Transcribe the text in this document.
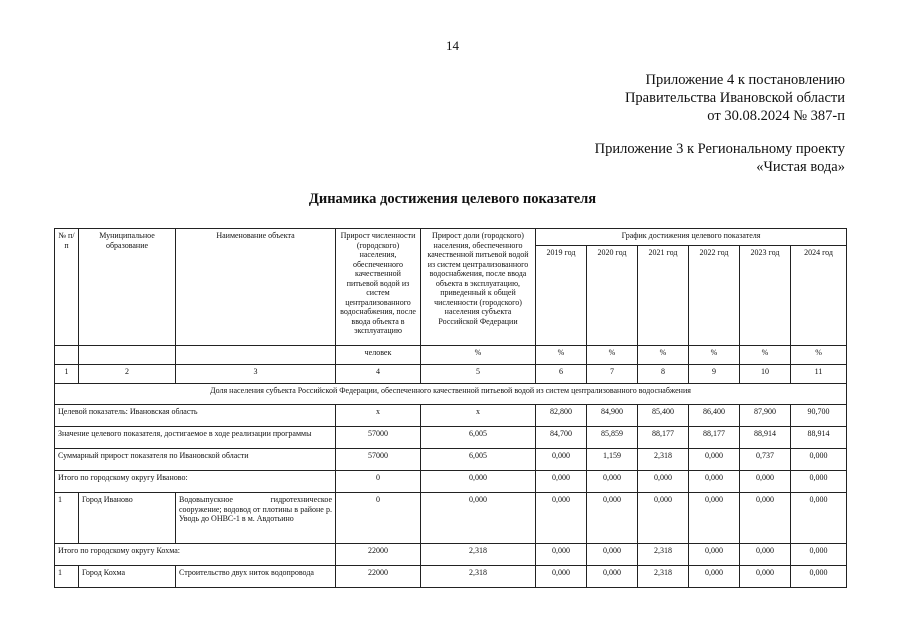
14
Приложение 4 к постановлению
Правительства Ивановской области
от 30.08.2024 № 387-п
Приложение 3 к Региональному проекту
«Чистая вода»
Динамика достижения целевого показателя
№ п/п	Муниципальное образование	Наименование объекта	Прирост численности (городского) населения, обеспеченного качественной питьевой водой из систем централизованного водоснабжения, после ввода объекта в эксплуатацию	Прирост доли (городского) населения, обеспеченного качественной питьевой водой из систем централизованного водоснабжения, после ввода объекта в эксплуатацию, приведенный к общей численности (городского) населения субъекта Российской Федерации	График достижения целевого показателя					
					2019 год	2020 год	2021 год	2022 год	2023 год	2024 год
			человек	%	%	%	%	%	%	%
1	2	3	4	5	6	7	8	9	10	11
Доля населения субъекта Российской Федерации, обеспеченного качественной питьевой водой из систем централизованного водоснабжения										
Целевой показатель: Ивановская область			х	х	82,800	84,900	85,400	86,400	87,900	90,700
Значение целевого показателя, достигаемое в ходе реализации программы			57000	6,005	84,700	85,859	88,177	88,177	88,914	88,914
Суммарный прирост показателя по Ивановской области			57000	6,005	0,000	1,159	2,318	0,000	0,737	0,000
Итого по городскому округу Иваново:			0	0,000	0,000	0,000	0,000	0,000	0,000	0,000
1	Город Иваново	Водовыпускное гидротехническое сооружение; водовод от плотины в районе р. Уводь до ОНВС-1 в м. Авдотьино	0	0,000	0,000	0,000	0,000	0,000	0,000	0,000
Итого по городскому округу Кохма:			22000	2,318	0,000	0,000	2,318	0,000	0,000	0,000
1	Город Кохма	Строительство двух ниток водопровода	22000	2,318	0,000	0,000	2,318	0,000	0,000	0,000
